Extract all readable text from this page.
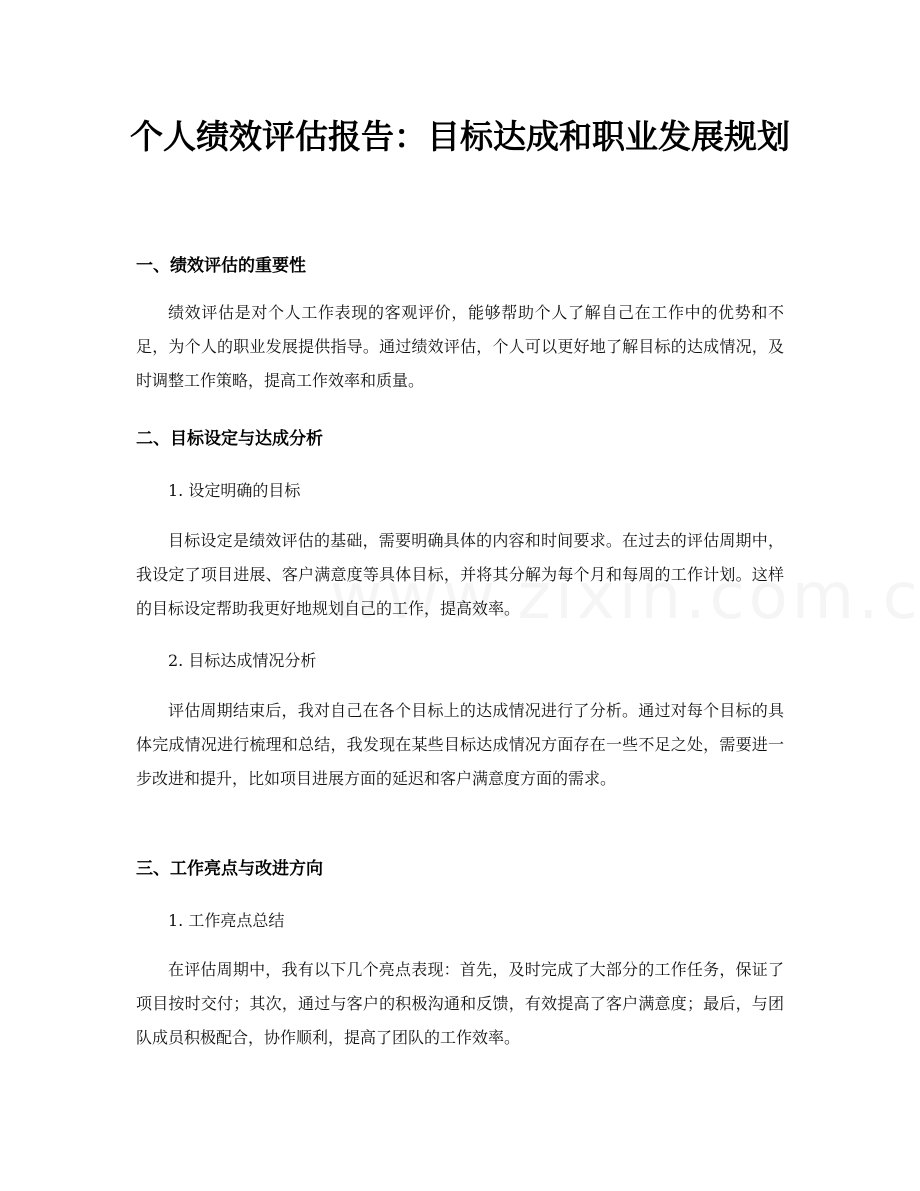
个人绩效评估报告：目标达成和职业发展规划
一、绩效评估的重要性

绩效评估是对个人工作表现的客观评价，能够帮助个人了解自己在工作中的优势和不足，为个人的职业发展提供指导。通过绩效评估，个人可以更好地了解目标的达成情况，及时调整工作策略，提高工作效率和质量。

二、目标设定与达成分析

1. 设定明确的目标

目标设定是绩效评估的基础，需要明确具体的内容和时间要求。在过去的评估周期中，我设定了项目进展、客户满意度等具体目标，并将其分解为每个月和每周的工作计划。这样的目标设定帮助我更好地规划自己的工作，提高效率。

2. 目标达成情况分析

评估周期结束后，我对自己在各个目标上的达成情况进行了分析。通过对每个目标的具体完成情况进行梳理和总结，我发现在某些目标达成情况方面存在一些不足之处，需要进一步改进和提升，比如项目进展方面的延迟和客户满意度方面的需求。

三、工作亮点与改进方向

1. 工作亮点总结

在评估周期中，我有以下几个亮点表现：首先，及时完成了大部分的工作任务，保证了项目按时交付；其次，通过与客户的积极沟通和反馈，有效提高了客户满意度；最后，与团队成员积极配合，协作顺利，提高了团队的工作效率。
